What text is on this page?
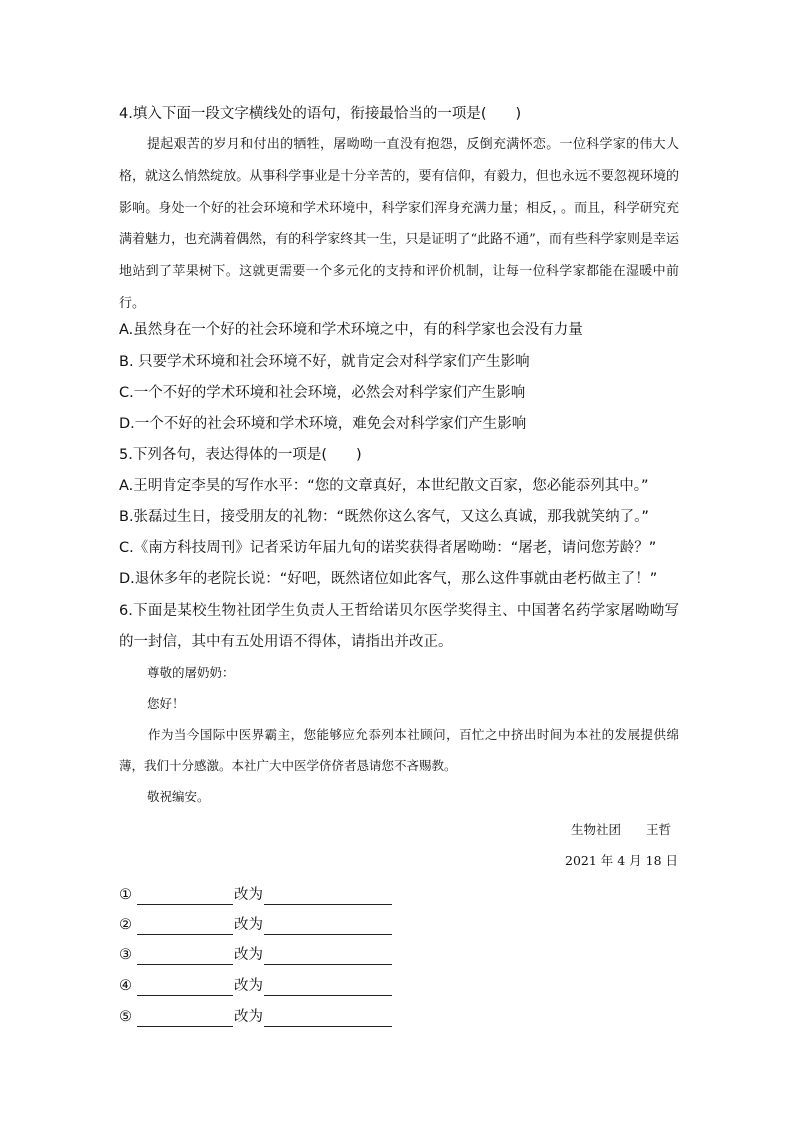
4.填入下面一段文字横线处的语句，衔接最恰当的一项是(　　)
提起艰苦的岁月和付出的牺牲，屠呦呦一直没有抱怨，反倒充满怀恋。一位科学家的伟大人格，就这么悄然绽放。从事科学事业是十分辛苦的，要有信仰，有毅力，但也永远不要忽视环境的影响。身处一个好的社会环境和学术环境中，科学家们浑身充满力量；相反， 。而且，科学研究充满着魅力，也充满着偶然，有的科学家终其一生，只是证明了“此路不通”，而有些科学家则是幸运地站到了苹果树下。这就更需要一个多元化的支持和评价机制，让每一位科学家都能在湿暖中前行。
A.虽然身在一个好的社会环境和学术环境之中，有的科学家也会没有力量
B. 只要学术环境和社会环境不好，就肯定会对科学家们产生影响
C.一个不好的学术环境和社会环境，必然会对科学家们产生影响
D.一个不好的社会环境和学术环境，难免会对科学家们产生影响
5.下列各句，表达得体的一项是(　　)
A.王明肯定李昊的写作水平：“您的文章真好，本世纪散文百家，您必能忝列其中。”
B.张磊过生日，接受朋友的礼物：“既然你这么客气，又这么真诚，那我就笑纳了。”
C.《南方科技周刊》记者采访年届九旬的诺奖获得者屠呦呦：“屠老，请问您芳龄？”
D.退休多年的老院长说：“好吧，既然诸位如此客气，那么这件事就由老朽做主了！”
6.下面是某校生物社团学生负责人王哲给诺贝尔医学奖得主、中国著名药学家屠呦呦写的一封信，其中有五处用语不得体，请指出并改正。
尊敬的屠奶奶：
您好！
作为当今国际中医界霸主，您能够应允忝列本社顾问，百忙之中挤出时间为本社的发展提供绵薄，我们十分感激。本社广大中医学侪侪者恳请您不吝赐教。
敬祝编安。
生物社团　　王哲
2021 年 4 月 18 日
①	改为
②	改为
③	改为
④	改为
⑤	改为
